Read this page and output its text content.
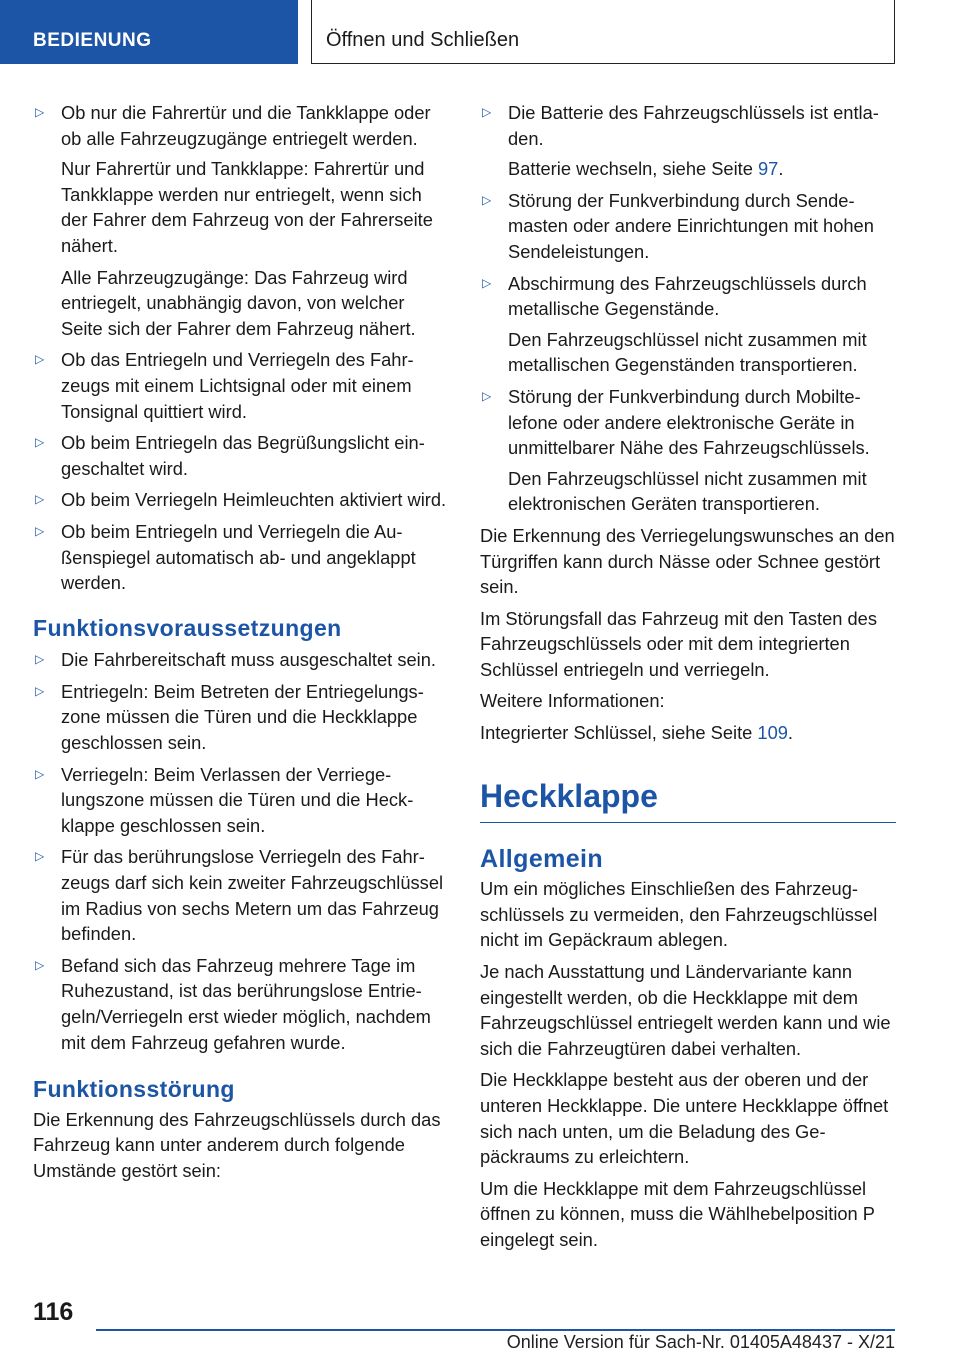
BEDIENUNG	Öffnen und Schließen
▷ Ob nur die Fahrertür und die Tankklappe oder ob alle Fahrzeugzugänge entriegelt werden.
Nur Fahrertür und Tankklappe: Fahrertür und Tankklappe werden nur entriegelt, wenn sich der Fahrer dem Fahrzeug von der Fahrerseite nähert.
Alle Fahrzeugzugänge: Das Fahrzeug wird entriegelt, unabhängig davon, von welcher Seite sich der Fahrer dem Fahrzeug nähert.
▷ Ob das Entriegeln und Verriegeln des Fahrzeugs mit einem Lichtsignal oder mit einem Tonsignal quittiert wird.
▷ Ob beim Entriegeln das Begrüßungslicht eingeschaltet wird.
▷ Ob beim Verriegeln Heimleuchten aktiviert wird.
▷ Ob beim Entriegeln und Verriegeln die Außenspiegel automatisch ab- und angeklappt werden.
Funktionsvoraussetzungen
▷ Die Fahrbereitschaft muss ausgeschaltet sein.
▷ Entriegeln: Beim Betreten der Entriegelungszone müssen die Türen und die Heckklappe geschlossen sein.
▷ Verriegeln: Beim Verlassen der Verriegelungszone müssen die Türen und die Heckklappe geschlossen sein.
▷ Für das berührungslose Verriegeln des Fahrzeugs darf sich kein zweiter Fahrzeugschlüssel im Radius von sechs Metern um das Fahrzeug befinden.
▷ Befand sich das Fahrzeug mehrere Tage im Ruhezustand, ist das berührungslose Entriegeln/Verriegeln erst wieder möglich, nachdem mit dem Fahrzeug gefahren wurde.
Funktionsstörung

Die Erkennung des Fahrzeugschlüssels durch das Fahrzeug kann unter anderem durch folgende Umstände gestört sein:

▷ Die Batterie des Fahrzeugschlüssels ist entladen.
Batterie wechseln, siehe Seite 97.
▷ Störung der Funkverbindung durch Sendemasten oder andere Einrichtungen mit hohen Sendeleistungen.
▷ Abschirmung des Fahrzeugschlüssels durch metallische Gegenstände.
Den Fahrzeugschlüssel nicht zusammen mit metallischen Gegenständen transportieren.
▷ Störung der Funkverbindung durch Mobiltelefone oder andere elektronische Geräte in unmittelbarer Nähe des Fahrzeugschlüssels.
Den Fahrzeugschlüssel nicht zusammen mit elektronischen Geräten transportieren.

Die Erkennung des Verriegelungswunsches an den Türgriffen kann durch Nässe oder Schnee gestört sein.

Im Störungsfall das Fahrzeug mit den Tasten des Fahrzeugschlüssels oder mit dem integrierten Schlüssel entriegeln und verriegeln.

Weitere Informationen:

Integrierter Schlüssel, siehe Seite 109.

Heckklappe
Allgemein

Um ein mögliches Einschließen des Fahrzeugschlüssels zu vermeiden, den Fahrzeugschlüssel nicht im Gepäckraum ablegen.

Je nach Ausstattung und Ländervariante kann eingestellt werden, ob die Heckklappe mit dem Fahrzeugschlüssel entriegelt werden kann und wie sich die Fahrzeugtüren dabei verhalten.

Die Heckklappe besteht aus der oberen und der unteren Heckklappe. Die untere Heckklappe öffnet sich nach unten, um die Beladung des Gepäckraums zu erleichtern.

Um die Heckklappe mit dem Fahrzeugschlüssel öffnen zu können, muss die Wählhebelposition P eingelegt sein.

116
Online Version für Sach-Nr. 01405A48437 - X/21
